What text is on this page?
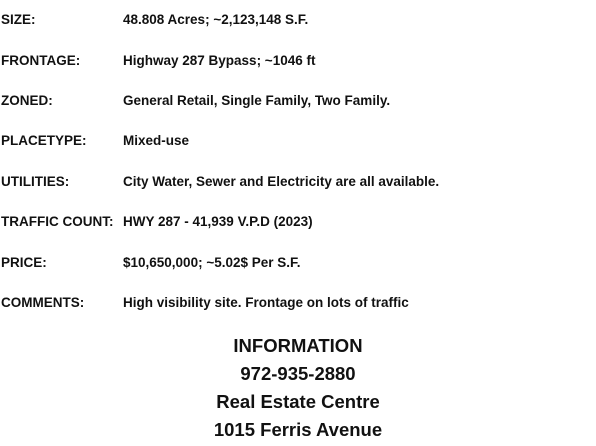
SIZE:	48.808 Acres; ~2,123,148 S.F.
FRONTAGE:	Highway 287 Bypass; ~1046 ft
ZONED:	General Retail, Single Family, Two Family.
PLACETYPE:	Mixed-use
UTILITIES:	City Water, Sewer and Electricity are all available.
TRAFFIC COUNT: HWY 287 - 41,939 V.P.D (2023)
PRICE:	$10,650,000; ~5.02$ Per S.F.
COMMENTS:	High visibility site. Frontage on lots of traffic
INFORMATION
972-935-2880
Real Estate Centre
1015 Ferris Avenue
